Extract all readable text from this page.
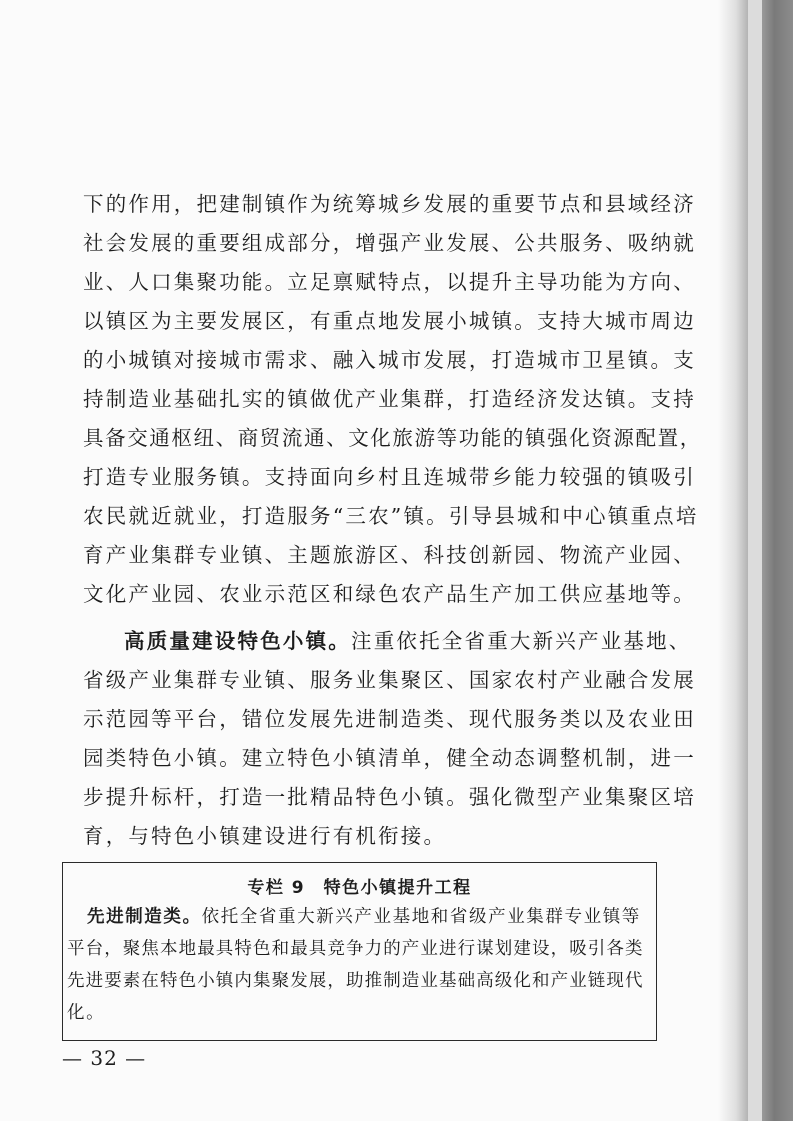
下的作用，把建制镇作为统筹城乡发展的重要节点和县域经济
社会发展的重要组成部分，增强产业发展、公共服务、吸纳就
业、人口集聚功能。立足禀赋特点，以提升主导功能为方向、
以镇区为主要发展区，有重点地发展小城镇。支持大城市周边
的小城镇对接城市需求、融入城市发展，打造城市卫星镇。支
持制造业基础扎实的镇做优产业集群，打造经济发达镇。支持
具备交通枢纽、商贸流通、文化旅游等功能的镇强化资源配置，
打造专业服务镇。支持面向乡村且连城带乡能力较强的镇吸引
农民就近就业，打造服务“三农”镇。引导县城和中心镇重点培
育产业集群专业镇、主题旅游区、科技创新园、物流产业园、
文化产业园、农业示范区和绿色农产品生产加工供应基地等。
高质量建设特色小镇。注重依托全省重大新兴产业基地、
省级产业集群专业镇、服务业集聚区、国家农村产业融合发展
示范园等平台，错位发展先进制造类、现代服务类以及农业田
园类特色小镇。建立特色小镇清单，健全动态调整机制，进一
步提升标杆，打造一批精品特色小镇。强化微型产业集聚区培
育，与特色小镇建设进行有机衔接。
专栏 9　特色小镇提升工程
先进制造类。依托全省重大新兴产业基地和省级产业集群专业镇等
平台，聚焦本地最具特色和最具竞争力的产业进行谋划建设，吸引各类
先进要素在特色小镇内集聚发展，助推制造业基础高级化和产业链现代
化。
— 32 —
